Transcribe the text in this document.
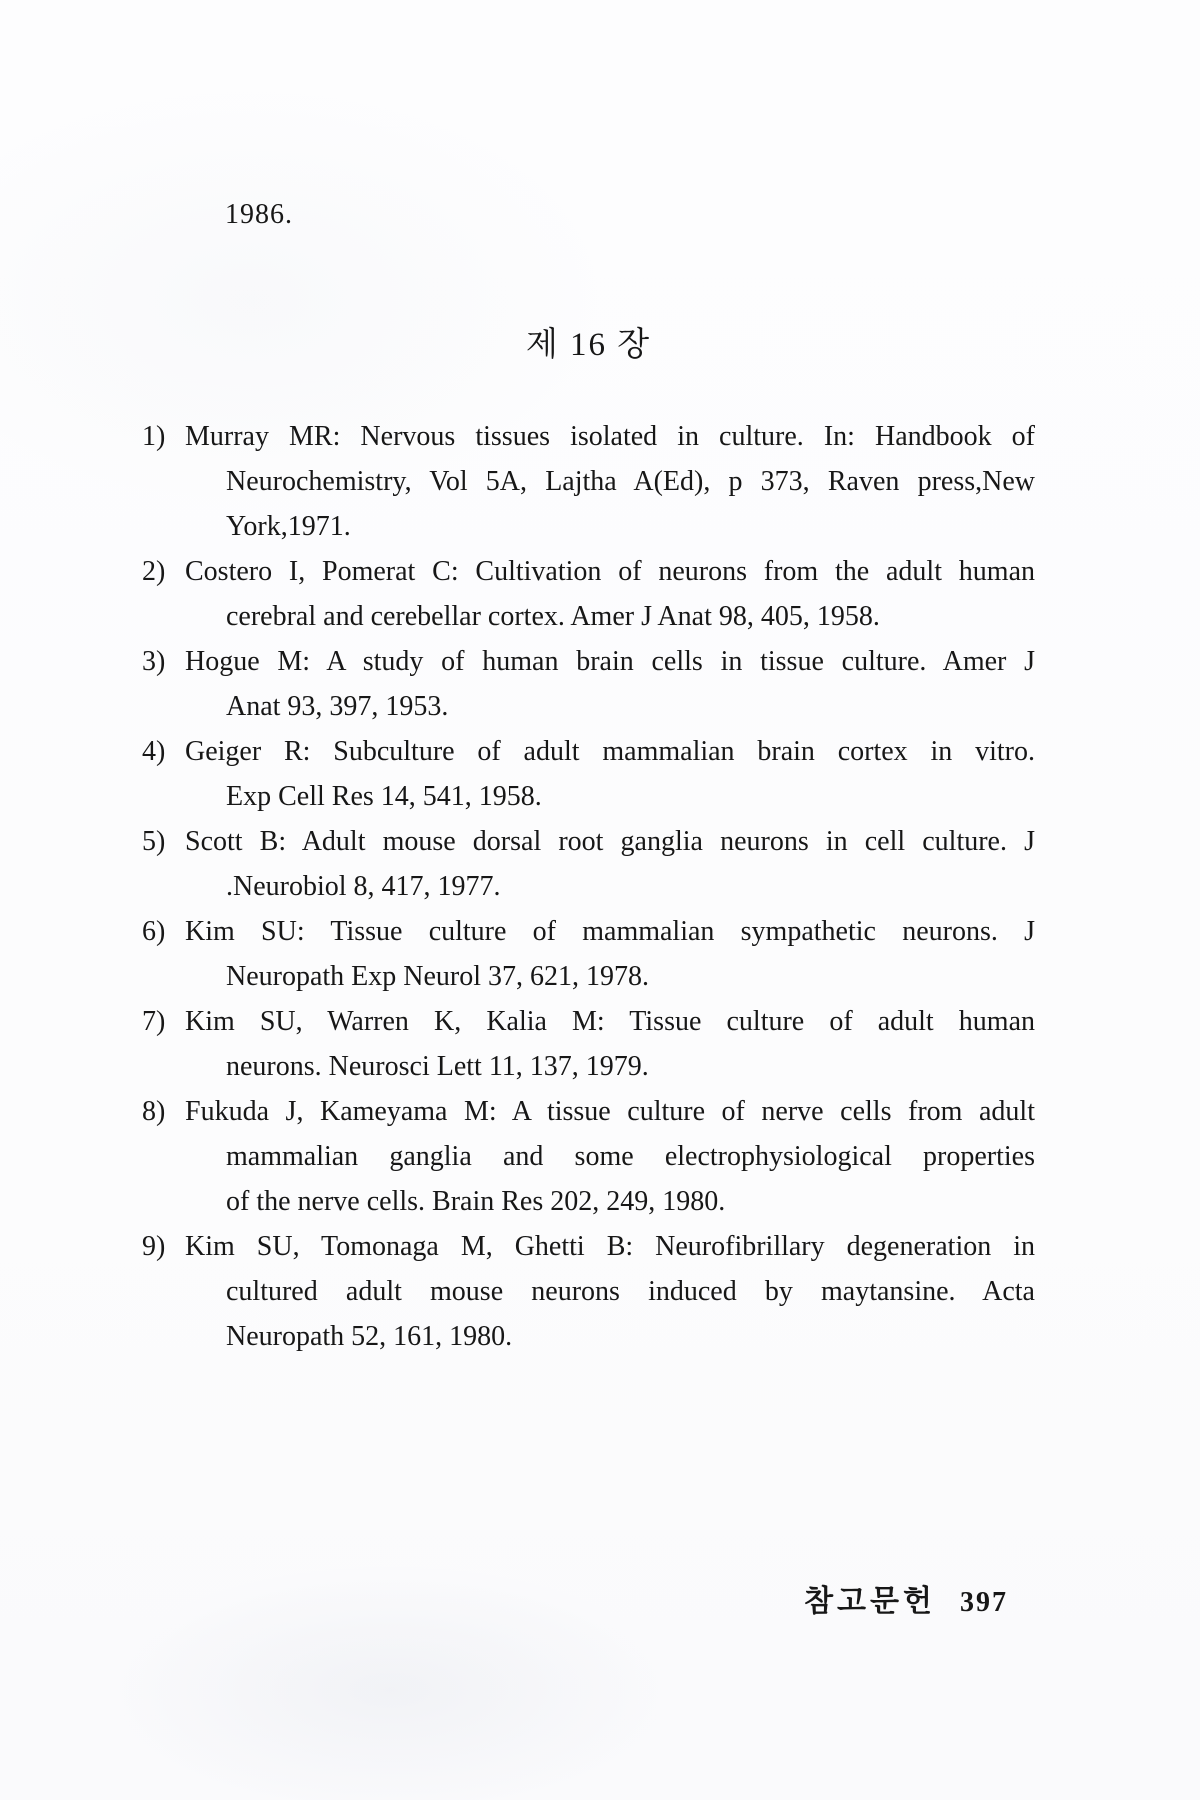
1986.
제 16 장
1) Murray MR: Nervous tissues isolated in culture. In: Handbook of
Neurochemistry, Vol 5A, Lajtha A(Ed), p 373, Raven press,New
York,1971.
2) Costero I, Pomerat C: Cultivation of neurons from the adult human
cerebral and cerebellar cortex. Amer J Anat 98, 405, 1958.
3) Hogue M: A study of human brain cells in tissue culture. Amer J
Anat 93, 397, 1953.
4) Geiger R: Subculture of adult mammalian brain cortex in vitro.
Exp Cell Res 14, 541, 1958.
5) Scott B: Adult mouse dorsal root ganglia neurons in cell culture. J
.Neurobiol 8, 417, 1977.
6) Kim SU: Tissue culture of mammalian sympathetic neurons. J
Neuropath Exp Neurol 37, 621, 1978.
7) Kim SU, Warren K, Kalia M: Tissue culture of adult human
neurons. Neurosci Lett 11, 137, 1979.
8) Fukuda J, Kameyama M: A tissue culture of nerve cells from adult
mammalian ganglia and some electrophysiological properties
of the nerve cells. Brain Res 202, 249, 1980.
9) Kim SU, Tomonaga M, Ghetti B: Neurofibrillary degeneration in
cultured adult mouse neurons induced by maytansine. Acta
Neuropath 52, 161, 1980.
참고문헌 397
